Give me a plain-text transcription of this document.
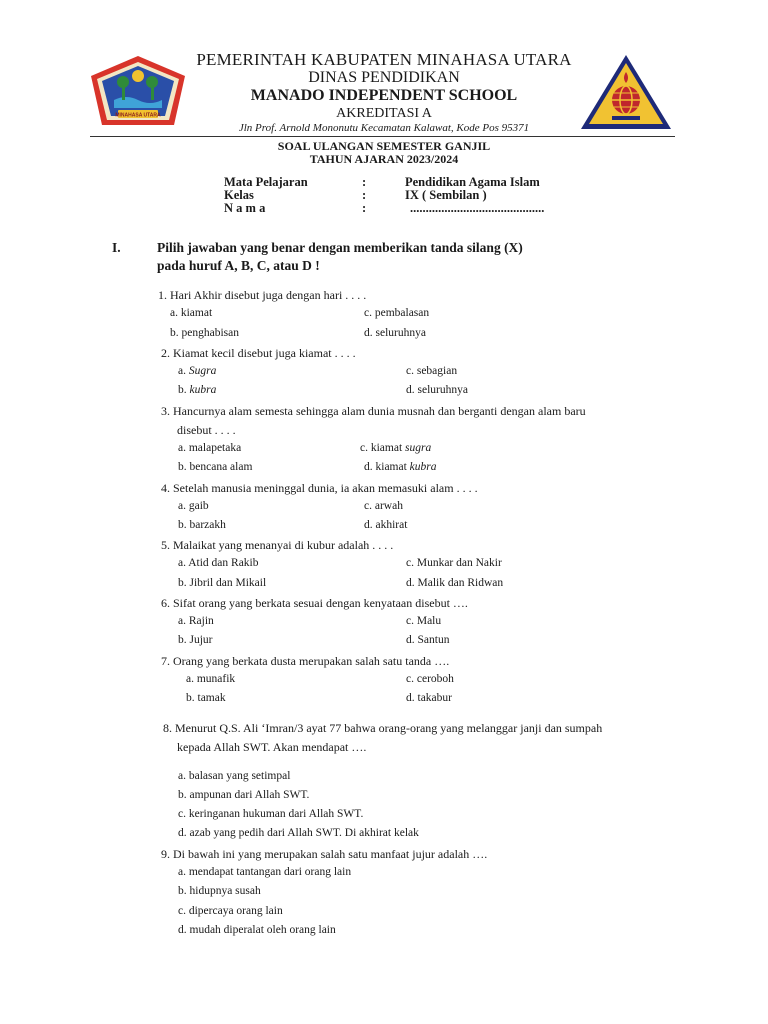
MINAHASA UTARA
PEMERINTAH KABUPATEN MINAHASA UTARA
DINAS PENDIDIKAN
MANADO INDEPENDENT SCHOOL
AKREDITASI A
Jln Prof. Arnold Mononutu Kecamatan Kalawat, Kode Pos 95371
SOAL ULANGAN SEMESTER GANJIL
TAHUN AJARAN 2023/2024
Mata Pelajaran	:	Pendidikan Agama Islam
Kelas	:	IX ( Sembilan )
N a m a	:	...........................................
I.	Pilih jawaban yang benar dengan memberikan tanda silang (X)
pada huruf A, B, C, atau D !
1. Hari Akhir disebut juga dengan hari . . . .
a. kiamat	c. pembalasan
b. penghabisan	d. seluruhnya
2. Kiamat kecil disebut juga kiamat . . . .
a. Sugra	c. sebagian
b. kubra	d. seluruhnya
3. Hancurnya alam semesta sehingga alam dunia musnah dan berganti dengan alam baru
disebut . . . .
a. malapetaka	c. kiamat sugra
b. bencana alam	d. kiamat kubra
4. Setelah manusia meninggal dunia, ia akan memasuki alam . . . .
a. gaib	c. arwah
b. barzakh	d. akhirat
5. Malaikat yang menanyai di kubur adalah . . . .
a. Atid dan Rakib	c. Munkar dan Nakir
b. Jibril dan Mikail	d. Malik dan Ridwan
6. Sifat orang yang berkata sesuai dengan kenyataan disebut ….
a. Rajin	c. Malu
b. Jujur	d. Santun
7. Orang yang berkata dusta merupakan salah satu tanda ….
a. munafik	c. ceroboh
b. tamak	d. takabur
8. Menurut Q.S. Ali ‘Imran/3 ayat 77 bahwa orang-orang yang melanggar janji dan sumpah
kepada Allah SWT. Akan mendapat ….
a. balasan yang setimpal
b. ampunan dari Allah SWT.
c. keringanan hukuman dari Allah SWT.
d. azab yang pedih dari Allah SWT. Di akhirat kelak
9. Di bawah ini yang merupakan salah satu manfaat jujur adalah ….
a. mendapat tantangan dari orang lain
b. hidupnya susah
c. dipercaya orang lain
d. mudah diperalat oleh orang lain
